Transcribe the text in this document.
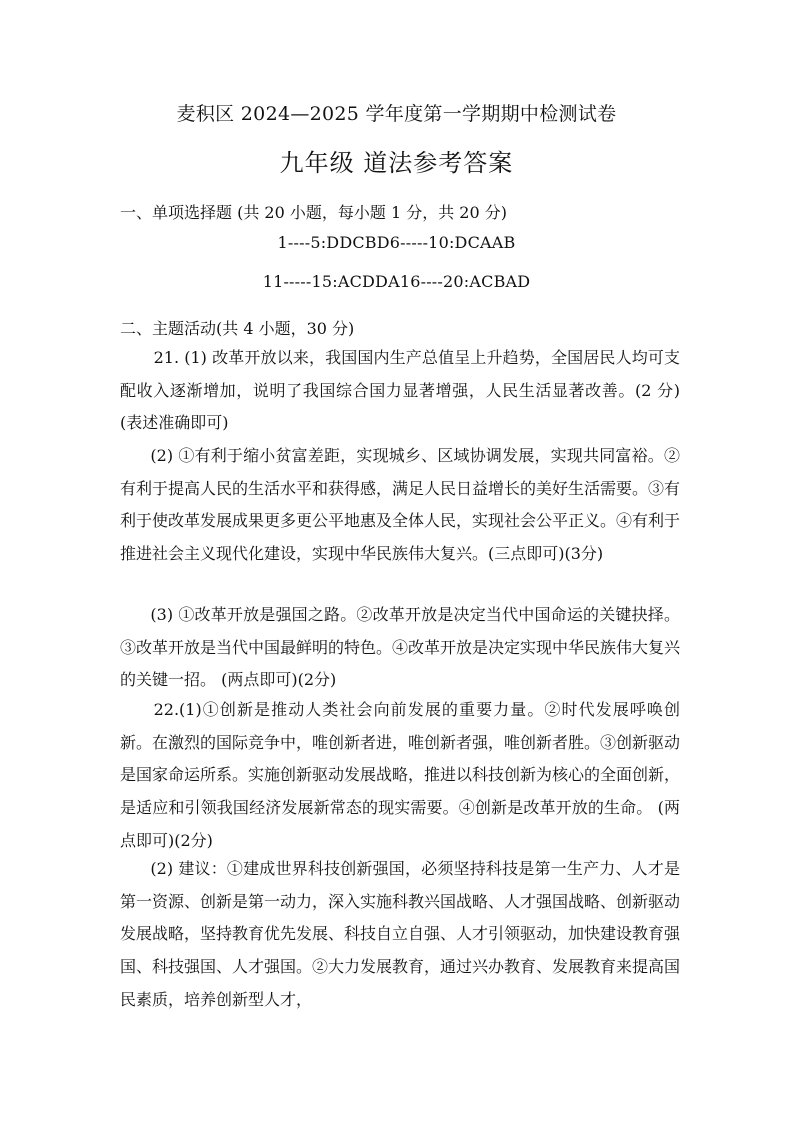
麦积区 2024—2025 学年度第一学期期中检测试卷
九年级 道法参考答案
一、单项选择题 (共 20 小题，每小题 1 分，共 20 分)
1----5:DDCBD6-----10:DCAAB
11-----15:ACDDA16----20:ACBAD
二、主题活动(共 4 小题，30 分)
21. (1) 改革开放以来，我国国内生产总值呈上升趋势，全国居民人均可支配收入逐渐增加，说明了我国综合国力显著增强，人民生活显著改善。(2 分)(表述准确即可)
(2) ①有利于缩小贫富差距，实现城乡、区域协调发展，实现共同富裕。②有利于提高人民的生活水平和获得感，满足人民日益增长的美好生活需要。③有利于使改革发展成果更多更公平地惠及全体人民，实现社会公平正义。④有利于推进社会主义现代化建设，实现中华民族伟大复兴。(三点即可)(3分)
(3) ①改革开放是强国之路。②改革开放是决定当代中国命运的关键抉择。③改革开放是当代中国最鲜明的特色。④改革开放是决定实现中华民族伟大复兴的关键一招。 (两点即可)(2分)
22.(1)①创新是推动人类社会向前发展的重要力量。②时代发展呼唤创新。在激烈的国际竞争中，唯创新者进，唯创新者强，唯创新者胜。③创新驱动是国家命运所系。实施创新驱动发展战略，推进以科技创新为核心的全面创新，是适应和引领我国经济发展新常态的现实需要。④创新是改革开放的生命。 (两点即可)(2分)
(2) 建议：①建成世界科技创新强国，必须坚持科技是第一生产力、人才是第一资源、创新是第一动力，深入实施科教兴国战略、人才强国战略、创新驱动发展战略，坚持教育优先发展、科技自立自强、人才引领驱动，加快建设教育强国、科技强国、人才强国。②大力发展教育，通过兴办教育、发展教育来提高国民素质，培养创新型人才，
